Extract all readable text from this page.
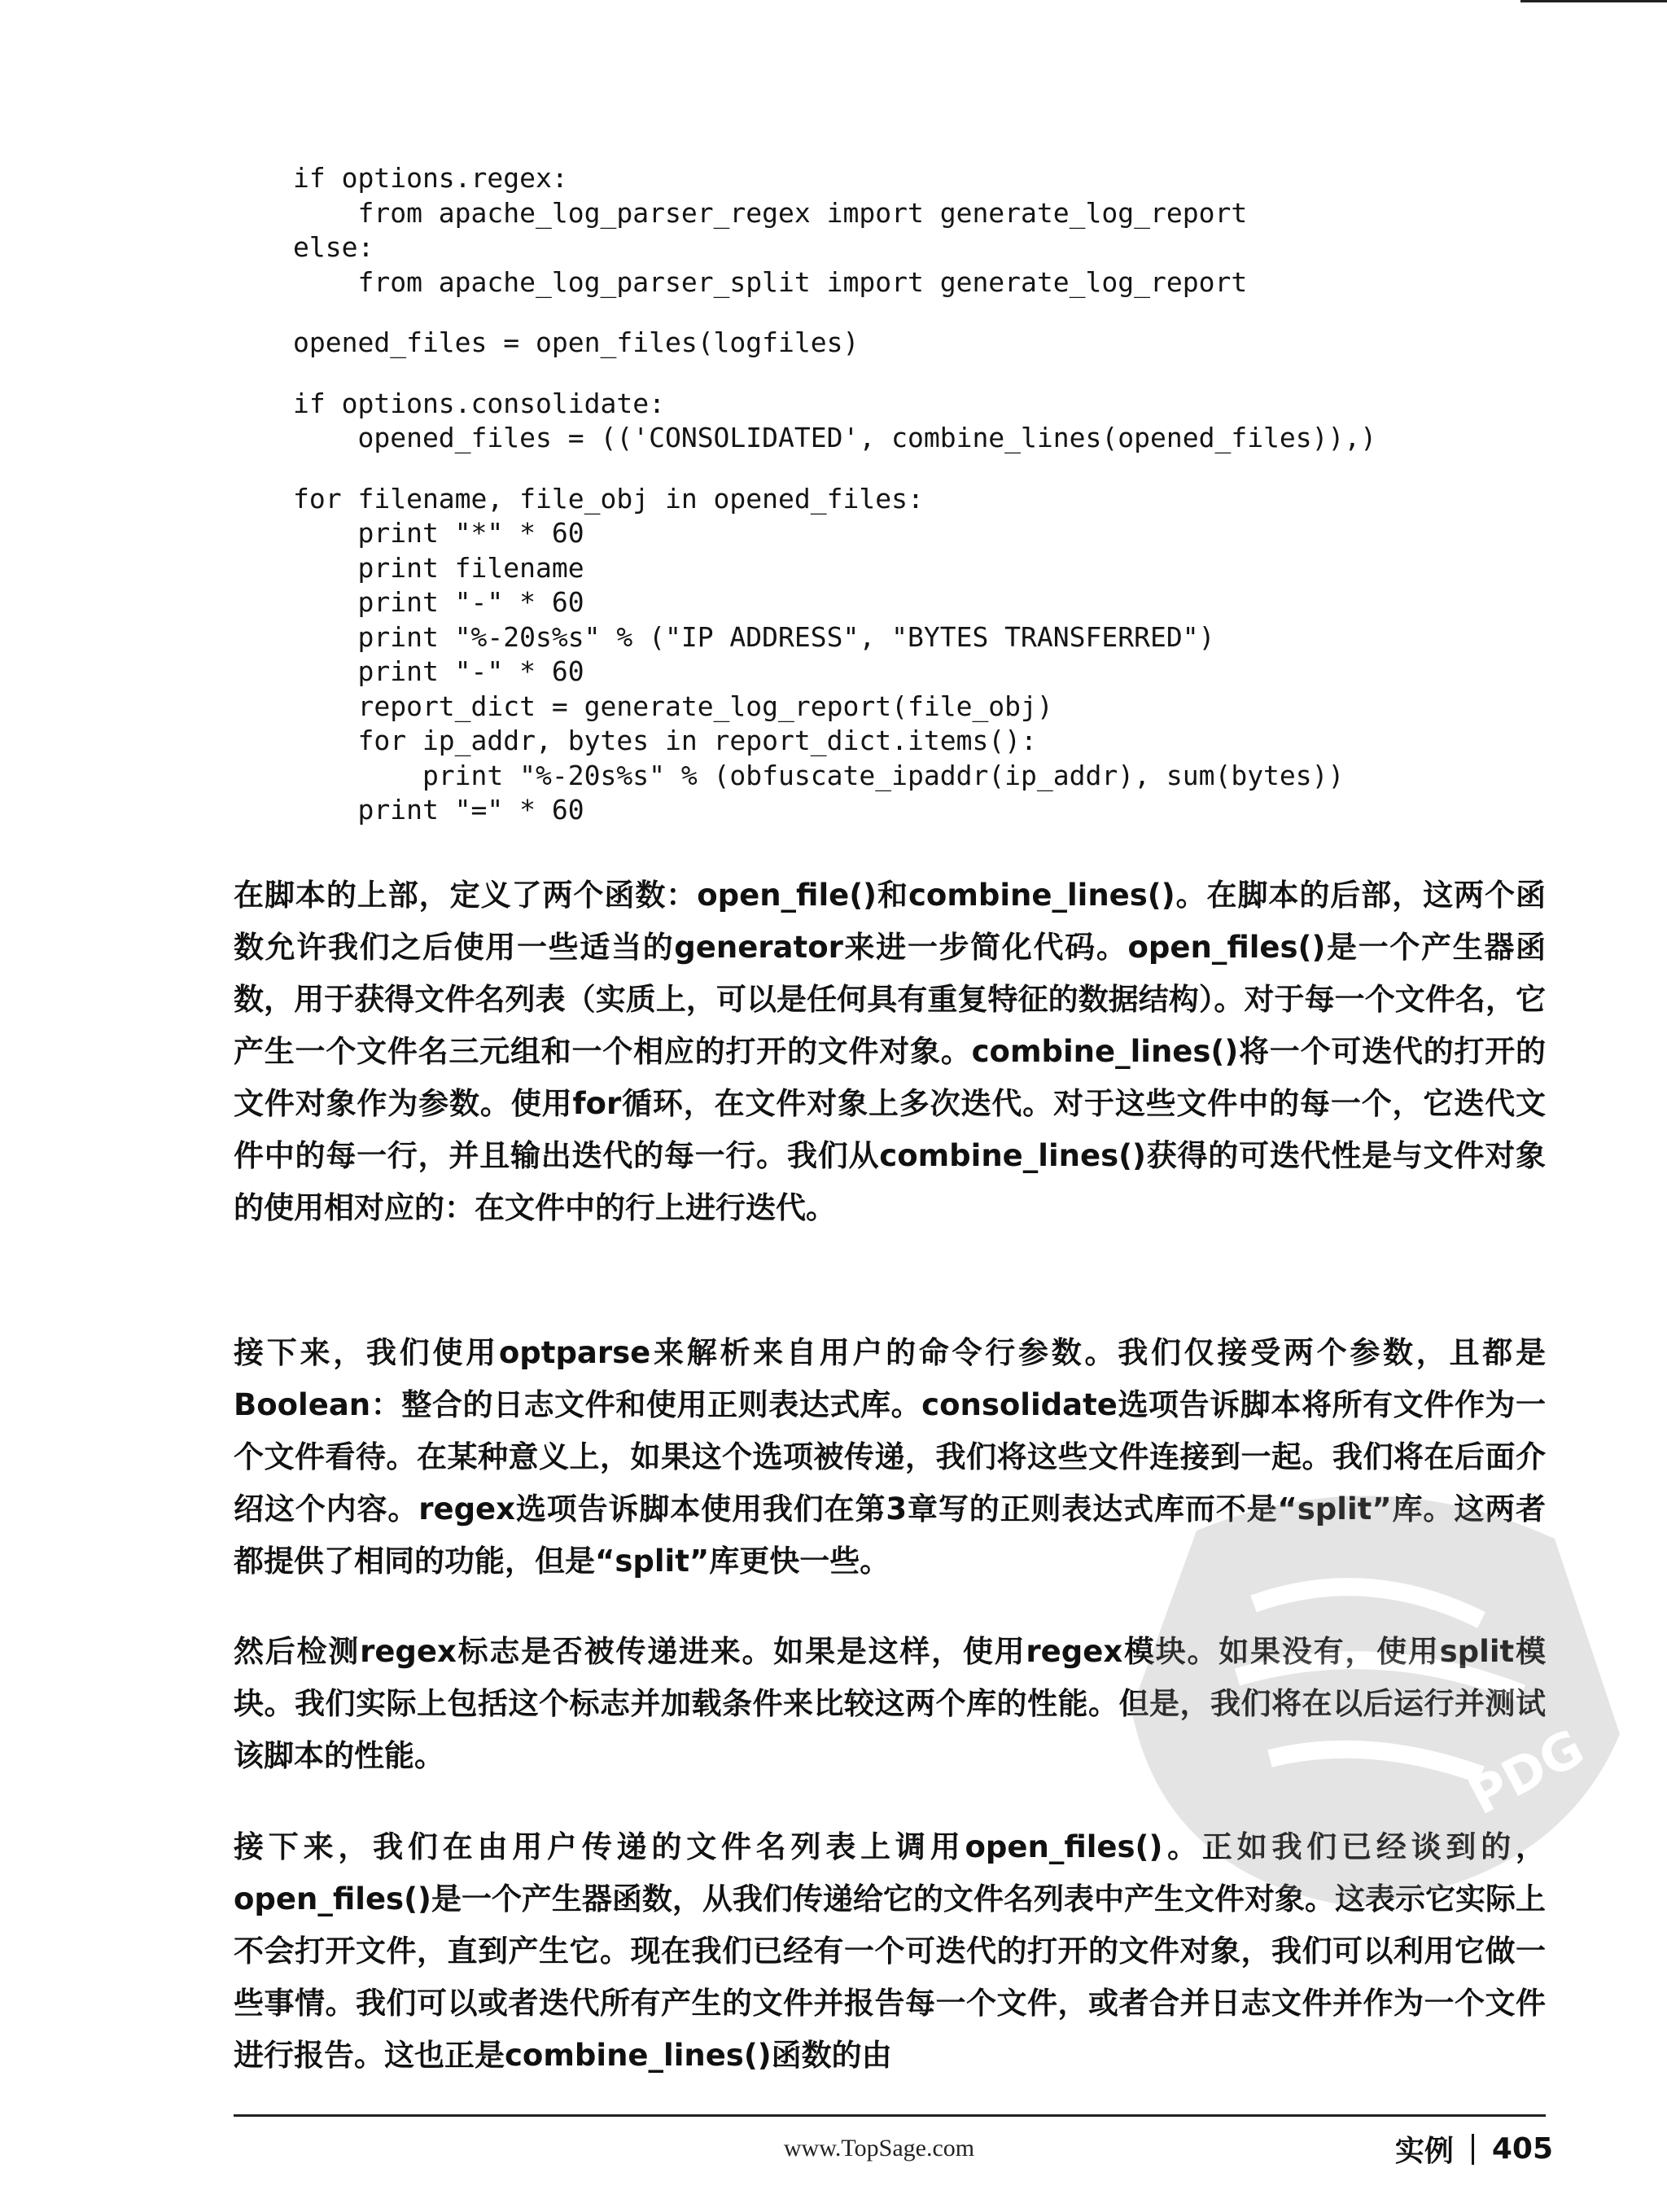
if options.regex:
from apache_log_parser_regex import generate_log_report
else:
from apache_log_parser_split import generate_log_report
opened_files = open_files(logfiles)
if options.consolidate:
opened_files = (('CONSOLIDATED', combine_lines(opened_files)),)
for filename, file_obj in opened_files:
print "*" * 60
print filename
print "-" * 60
print "%-20s%s" % ("IP ADDRESS", "BYTES TRANSFERRED")
print "-" * 60
report_dict = generate_log_report(file_obj)
for ip_addr, bytes in report_dict.items():
print "%-20s%s" % (obfuscate_ipaddr(ip_addr), sum(bytes))
print "=" * 60

在脚本的上部，定义了两个函数：open_file()和combine_lines()。在脚本的后部，这两个函数允许我们之后使用一些适当的generator来进一步简化代码。open_files()是一个产生器函数，用于获得文件名列表（实质上，可以是任何具有重复特征的数据结构）。对于每一个文件名，它产生一个文件名三元组和一个相应的打开的文件对象。combine_lines()将一个可迭代的打开的文件对象作为参数。使用for循环，在文件对象上多次迭代。对于这些文件中的每一个，它迭代文件中的每一行，并且输出迭代的每一行。我们从combine_lines()获得的可迭代性是与文件对象的使用相对应的：在文件中的行上进行迭代。

接下来，我们使用optparse来解析来自用户的命令行参数。我们仅接受两个参数，且都是Boolean：整合的日志文件和使用正则表达式库。consolidate选项告诉脚本将所有文件作为一个文件看待。在某种意义上，如果这个选项被传递，我们将这些文件连接到一起。我们将在后面介绍这个内容。regex选项告诉脚本使用我们在第3章写的正则表达式库而不是“split”库。这两者都提供了相同的功能，但是“split”库更快一些。

然后检测regex标志是否被传递进来。如果是这样，使用regex模块。如果没有，使用split模块。我们实际上包括这个标志并加载条件来比较这两个库的性能。但是，我们将在以后运行并测试该脚本的性能。

接下来，我们在由用户传递的文件名列表上调用open_files()。正如我们已经谈到的，open_files()是一个产生器函数，从我们传递给它的文件名列表中产生文件对象。这表示它实际上不会打开文件，直到产生它。现在我们已经有一个可迭代的打开的文件对象，我们可以利用它做一些事情。我们可以或者迭代所有产生的文件并报告每一个文件，或者合并日志文件并作为一个文件进行报告。这也正是combine_lines()函数的由

PDG
www.TopSage.com	实例 405
